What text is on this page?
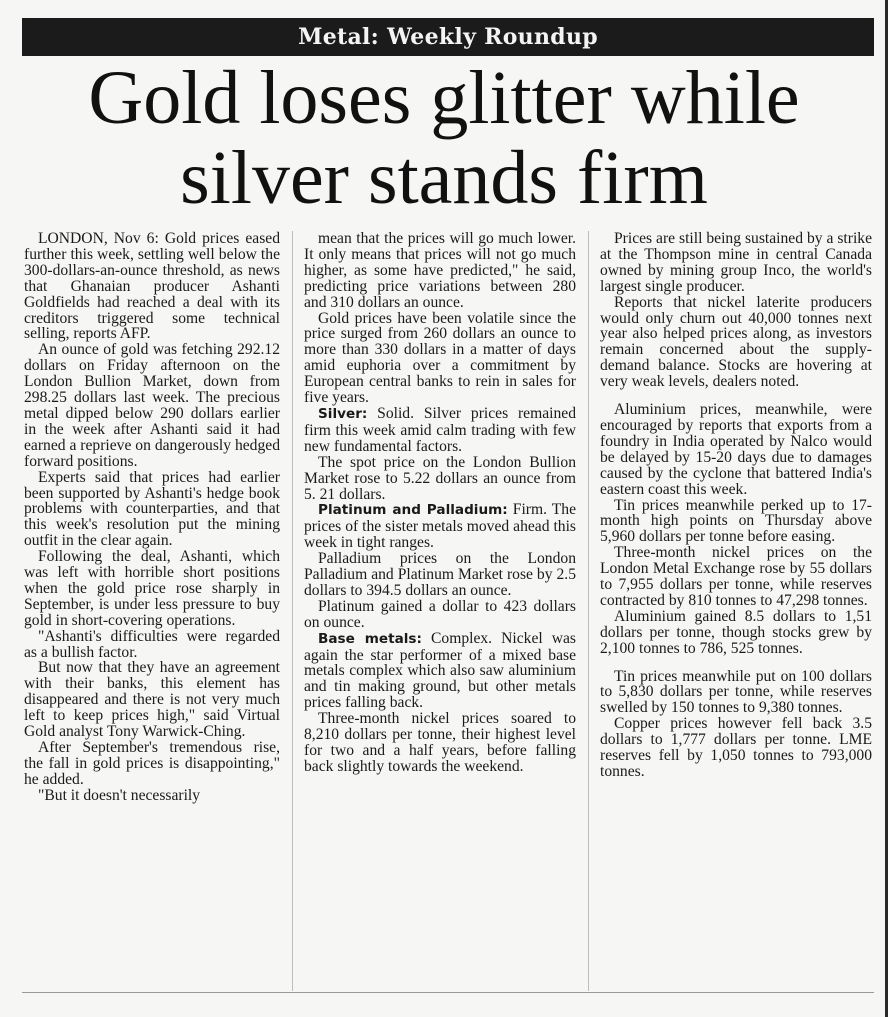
Metal: Weekly Roundup
Gold loses glitter while
silver stands firm

LONDON, Nov 6: Gold prices eased further this week, settling well below the 300-dollars-an-ounce threshold, as news that Ghanaian producer Ashanti Goldfields had reached a deal with its creditors triggered some technical selling, reports AFP.

An ounce of gold was fetching 292.12 dollars on Friday afternoon on the London Bullion Market, down from 298.25 dollars last week. The precious metal dipped below 290 dollars earlier in the week after Ashanti said it had earned a reprieve on dangerously hedged forward positions.

Experts said that prices had earlier been supported by Ashanti's hedge book problems with counterparties, and that this week's resolution put the mining outfit in the clear again.

Following the deal, Ashanti, which was left with horrible short positions when the gold price rose sharply in September, is under less pressure to buy gold in short-covering operations.

"Ashanti's difficulties were regarded as a bullish factor.

But now that they have an agreement with their banks, this element has disappeared and there is not very much left to keep prices high," said Virtual Gold analyst Tony Warwick-Ching.

After September's tremendous rise, the fall in gold prices is disappointing," he added.

"But it doesn't necessarily

mean that the prices will go much lower. It only means that prices will not go much higher, as some have predicted," he said, predicting price variations between 280 and 310 dollars an ounce.

Gold prices have been volatile since the price surged from 260 dollars an ounce to more than 330 dollars in a matter of days amid euphoria over a commitment by European central banks to rein in sales for five years.

Silver: Solid. Silver prices remained firm this week amid calm trading with few new fundamental factors.

The spot price on the London Bullion Market rose to 5.22 dollars an ounce from 5. 21 dollars.

Platinum and Palladium: Firm. The prices of the sister metals moved ahead this week in tight ranges.

Palladium prices on the London Palladium and Platinum Market rose by 2.5 dollars to 394.5 dollars an ounce.

Platinum gained a dollar to 423 dollars on ounce.

Base metals: Complex. Nickel was again the star performer of a mixed base metals complex which also saw aluminium and tin making ground, but other metals prices falling back.

Three-month nickel prices soared to 8,210 dollars per tonne, their highest level for two and a half years, before falling back slightly towards the weekend.

Prices are still being sustained by a strike at the Thompson mine in central Canada owned by mining group Inco, the world's largest single producer.

Reports that nickel laterite producers would only churn out 40,000 tonnes next year also helped prices along, as investors remain concerned about the supply-demand balance. Stocks are hovering at very weak levels, dealers noted.

Aluminium prices, meanwhile, were encouraged by reports that exports from a foundry in India operated by Nalco would be delayed by 15-20 days due to damages caused by the cyclone that battered India's eastern coast this week.

Tin prices meanwhile perked up to 17-month high points on Thursday above 5,960 dollars per tonne before easing.

Three-month nickel prices on the London Metal Exchange rose by 55 dollars to 7,955 dollars per tonne, while reserves contracted by 810 tonnes to 47,298 tonnes.

Aluminium gained 8.5 dollars to 1,51 dollars per tonne, though stocks grew by 2,100 tonnes to 786, 525 tonnes.

Tin prices meanwhile put on 100 dollars to 5,830 dollars per tonne, while reserves swelled by 150 tonnes to 9,380 tonnes.

Copper prices however fell back 3.5 dollars to 1,777 dollars per tonne. LME reserves fell by 1,050 tonnes to 793,000 tonnes.
